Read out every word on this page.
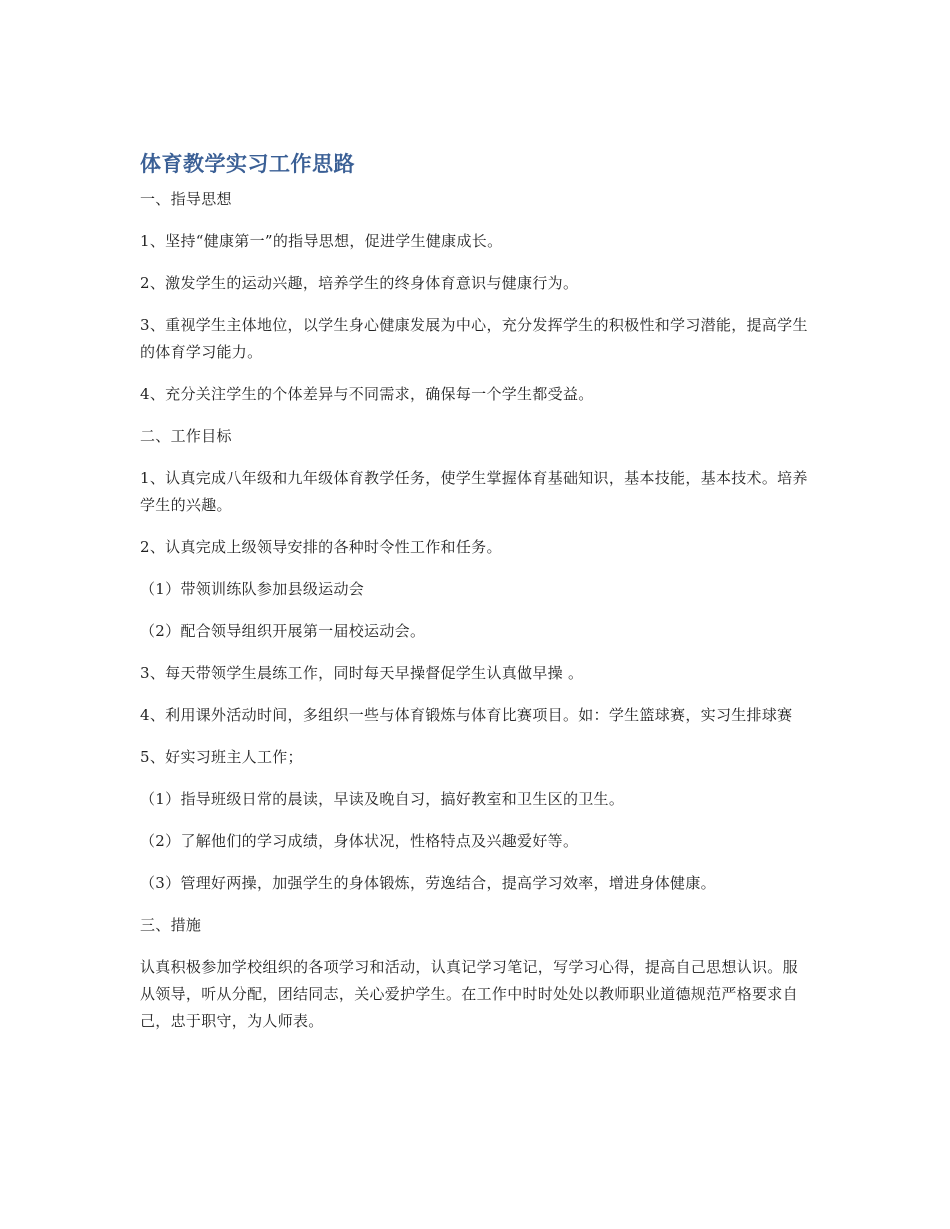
体育教学实习工作思路

一、指导思想

1、坚持“健康第一”的指导思想，促进学生健康成长。

2、激发学生的运动兴趣，培养学生的终身体育意识与健康行为。

3、重视学生主体地位，以学生身心健康发展为中心，充分发挥学生的积极性和学习潜能，提高学生的体育学习能力。

4、充分关注学生的个体差异与不同需求，确保每一个学生都受益。

二、工作目标

1、认真完成八年级和九年级体育教学任务，使学生掌握体育基础知识，基本技能，基本技术。培养学生的兴趣。

2、认真完成上级领导安排的各种时令性工作和任务。

（1）带领训练队参加县级运动会

（2）配合领导组织开展第一届校运动会。

3、每天带领学生晨练工作，同时每天早操督促学生认真做早操 。

4、利用课外活动时间，多组织一些与体育锻炼与体育比赛项目。如：学生篮球赛，实习生排球赛

5、好实习班主人工作；

（1）指导班级日常的晨读，早读及晚自习，搞好教室和卫生区的卫生。

（2）了解他们的学习成绩，身体状况，性格特点及兴趣爱好等。

（3）管理好两操，加强学生的身体锻炼，劳逸结合，提高学习效率，增进身体健康。

三、措施

认真积极参加学校组织的各项学习和活动，认真记学习笔记，写学习心得，提高自己思想认识。服从领导，听从分配，团结同志，关心爱护学生。在工作中时时处处以教师职业道德规范严格要求自己，忠于职守，为人师表。
